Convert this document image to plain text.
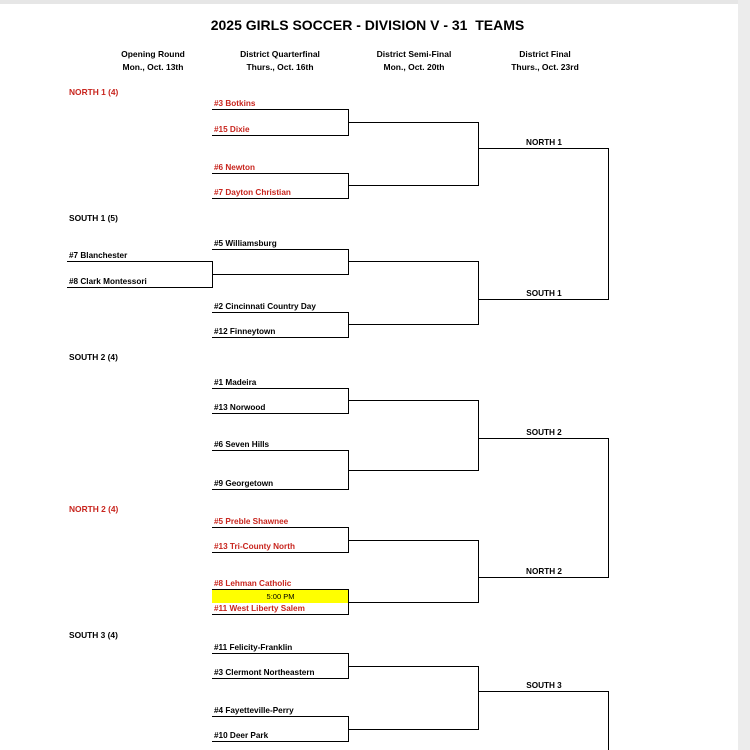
2025 GIRLS SOCCER - DIVISION V - 31  TEAMS
Opening Round
Mon., Oct. 13th
District Quarterfinal
Thurs., Oct. 16th
District Semi-Final
Mon., Oct. 20th
District Final
Thurs., Oct. 23rd
NORTH 1 (4)
SOUTH 1 (5)
SOUTH 2 (4)
NORTH 2 (4)
SOUTH 3 (4)
#7 Blanchester
#8 Clark Montessori
#3 Botkins
#15 Dixie
#6 Newton
#7 Dayton Christian
#5 Williamsburg
#2 Cincinnati Country Day
#12 Finneytown
#1 Madeira
#13 Norwood
#6 Seven Hills
#9 Georgetown
#5 Preble Shawnee
#13 Tri-County North
#8 Lehman Catholic
5:00 PM
#11 West Liberty Salem
#11 Felicity-Franklin
#3 Clermont Northeastern
#4 Fayetteville-Perry
#10 Deer Park
NORTH 1
SOUTH 1
SOUTH 2
NORTH 2
SOUTH 3
